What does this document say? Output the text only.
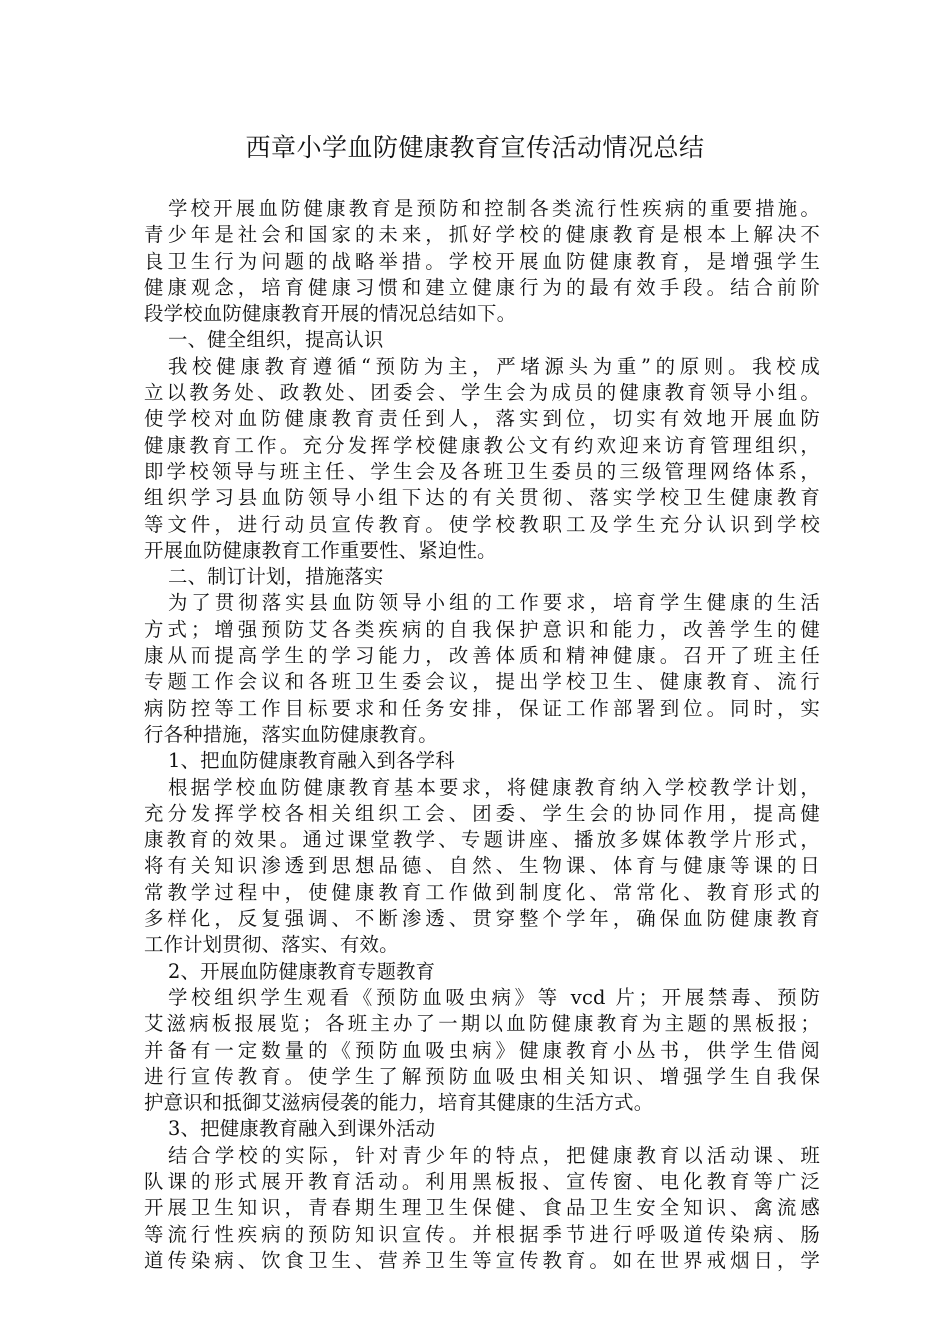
西章小学血防健康教育宣传活动情况总结
学校开展血防健康教育是预防和控制各类流行性疾病的重要措施。
青少年是社会和国家的未来，抓好学校的健康教育是根本上解决不
良卫生行为问题的战略举措。学校开展血防健康教育，是增强学生
健康观念，培育健康习惯和建立健康行为的最有效手段。结合前阶
段学校血防健康教育开展的情况总结如下。
一、健全组织，提高认识
我校健康教育遵循“预防为主，严堵源头为重”的原则。我校成
立以教务处、政教处、团委会、学生会为成员的健康教育领导小组。
使学校对血防健康教育责任到人，落实到位，切实有效地开展血防
健康教育工作。充分发挥学校健康教公文有约欢迎来访育管理组织，
即学校领导与班主任、学生会及各班卫生委员的三级管理网络体系，
组织学习县血防领导小组下达的有关贯彻、落实学校卫生健康教育
等文件，进行动员宣传教育。使学校教职工及学生充分认识到学校
开展血防健康教育工作重要性、紧迫性。
二、制订计划，措施落实
为了贯彻落实县血防领导小组的工作要求，培育学生健康的生活
方式；增强预防艾各类疾病的自我保护意识和能力，改善学生的健
康从而提高学生的学习能力，改善体质和精神健康。召开了班主任
专题工作会议和各班卫生委会议，提出学校卫生、健康教育、流行
病防控等工作目标要求和任务安排，保证工作部署到位。同时，实
行各种措施，落实血防健康教育。
1、把血防健康教育融入到各学科
根据学校血防健康教育基本要求，将健康教育纳入学校教学计划，
充分发挥学校各相关组织工会、团委、学生会的协同作用，提高健
康教育的效果。通过课堂教学、专题讲座、播放多媒体教学片形式，
将有关知识渗透到思想品德、自然、生物课、体育与健康等课的日
常教学过程中，使健康教育工作做到制度化、常常化、教育形式的
多样化，反复强调、不断渗透、贯穿整个学年，确保血防健康教育
工作计划贯彻、落实、有效。
2、开展血防健康教育专题教育
学校组织学生观看《预防血吸虫病》等 vcd 片；开展禁毒、预防
艾滋病板报展览；各班主办了一期以血防健康教育为主题的黑板报；
并备有一定数量的《预防血吸虫病》健康教育小丛书，供学生借阅
进行宣传教育。使学生了解预防血吸虫相关知识、增强学生自我保
护意识和抵御艾滋病侵袭的能力，培育其健康的生活方式。
3、把健康教育融入到课外活动
结合学校的实际，针对青少年的特点，把健康教育以活动课、班
队课的形式展开教育活动。利用黑板报、宣传窗、电化教育等广泛
开展卫生知识，青春期生理卫生保健、食品卫生安全知识、禽流感
等流行性疾病的预防知识宣传。并根据季节进行呼吸道传染病、肠
道传染病、饮食卫生、营养卫生等宣传教育。如在世界戒烟日，学
